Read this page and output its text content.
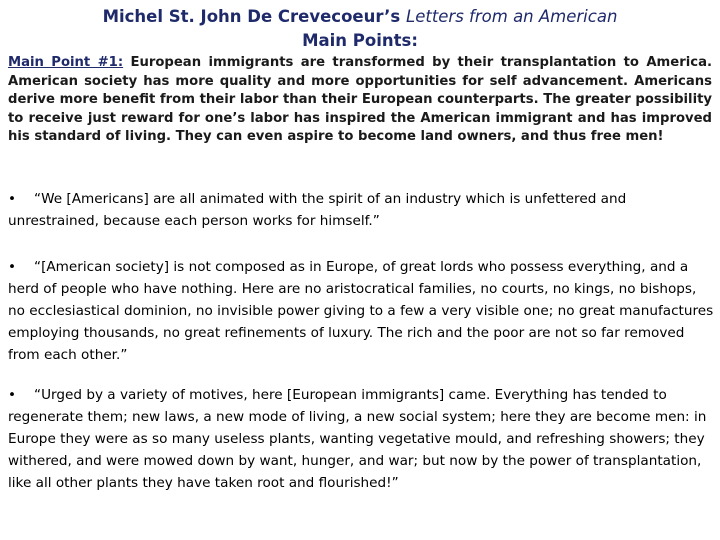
Michel St. John De Crevecoeur’s Letters from an American
Main Points:
Main Point #1: European immigrants are transformed by their transplantation to America. American society has more quality and more opportunities for self advancement. Americans derive more benefit from their labor than their European counterparts. The greater possibility to receive just reward for one’s labor has inspired the American immigrant and has improved his standard of living. They can even aspire to become land owners, and thus free men!
• “We [Americans] are all animated with the spirit of an industry which is unfettered and unrestrained, because each person works for himself.”
• “[American society] is not composed as in Europe, of great lords who possess everything, and a herd of people who have nothing. Here are no aristocratical families, no courts, no kings, no bishops, no ecclesiastical dominion, no invisible power giving to a few a very visible one; no great manufactures employing thousands, no great refinements of luxury. The rich and the poor are not so far removed from each other.”
• “Urged by a variety of motives, here [European immigrants] came. Everything has tended to regenerate them; new laws, a new mode of living, a new social system; here they are become men: in Europe they were as so many useless plants, wanting vegetative mould, and refreshing showers; they withered, and were mowed down by want, hunger, and war; but now by the power of transplantation, like all other plants they have taken root and flourished!”
